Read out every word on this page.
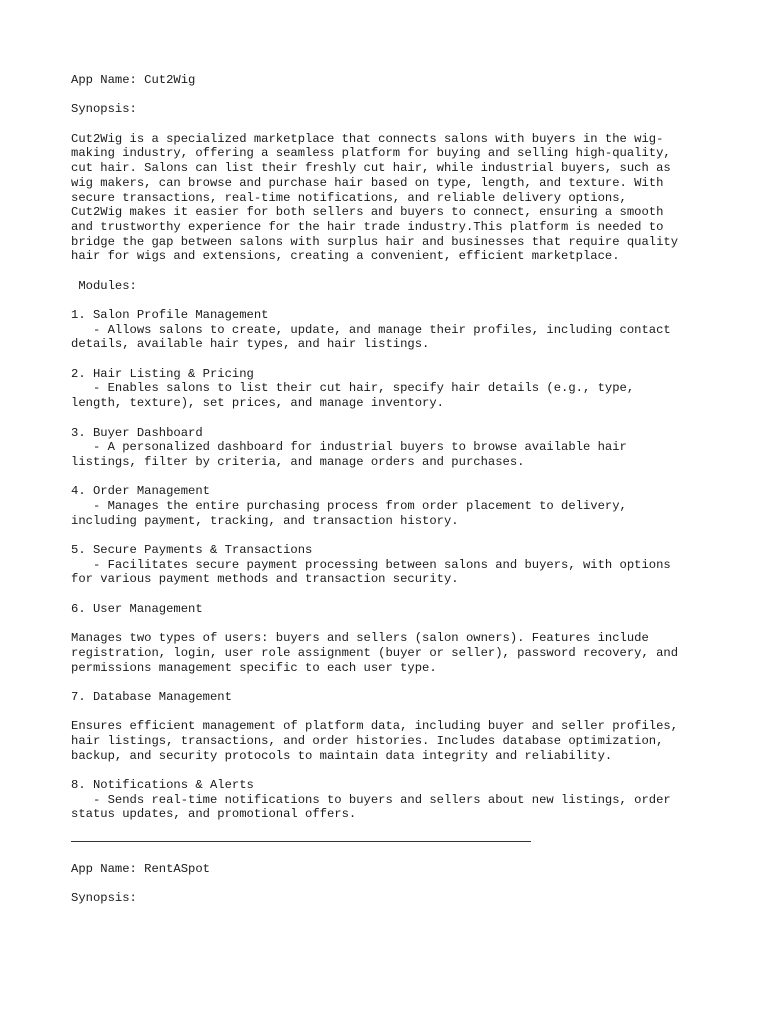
App Name: Cut2Wig
Synopsis:
Cut2Wig is a specialized marketplace that connects salons with buyers in the wig-
making industry, offering a seamless platform for buying and selling high-quality,
cut hair. Salons can list their freshly cut hair, while industrial buyers, such as
wig makers, can browse and purchase hair based on type, length, and texture. With
secure transactions, real-time notifications, and reliable delivery options,
Cut2Wig makes it easier for both sellers and buyers to connect, ensuring a smooth
and trustworthy experience for the hair trade industry.This platform is needed to
bridge the gap between salons with surplus hair and businesses that require quality
hair for wigs and extensions, creating a convenient, efficient marketplace.
Modules:
1. Salon Profile Management
- Allows salons to create, update, and manage their profiles, including contact
details, available hair types, and hair listings.
2. Hair Listing & Pricing
- Enables salons to list their cut hair, specify hair details (e.g., type,
length, texture), set prices, and manage inventory.
3. Buyer Dashboard
- A personalized dashboard for industrial buyers to browse available hair
listings, filter by criteria, and manage orders and purchases.
4. Order Management
- Manages the entire purchasing process from order placement to delivery,
including payment, tracking, and transaction history.
5. Secure Payments & Transactions
- Facilitates secure payment processing between salons and buyers, with options
for various payment methods and transaction security.
6. User Management
Manages two types of users: buyers and sellers (salon owners). Features include
registration, login, user role assignment (buyer or seller), password recovery, and
permissions management specific to each user type.
7. Database Management
Ensures efficient management of platform data, including buyer and seller profiles,
hair listings, transactions, and order histories. Includes database optimization,
backup, and security protocols to maintain data integrity and reliability.
8. Notifications & Alerts
- Sends real-time notifications to buyers and sellers about new listings, order
status updates, and promotional offers.
App Name: RentASpot
Synopsis:
